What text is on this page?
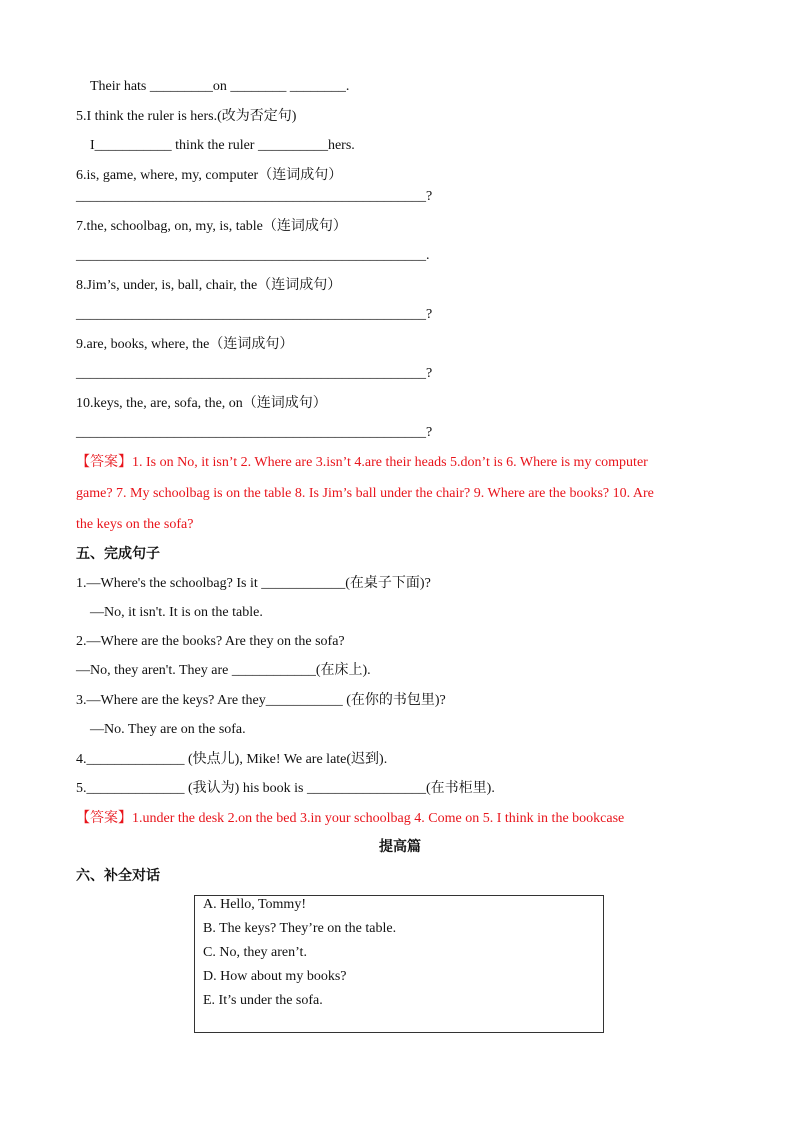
Their hats _________on ________ ________.
5.I think the ruler is hers.(改为否定句)
I___________ think the ruler __________hers.
6.is, game, where, my, computer（连词成句）
__________________________________________________?
7.the, schoolbag, on, my, is, table（连词成句）
__________________________________________________.
8.Jim’s, under, is, ball, chair, the（连词成句）
__________________________________________________?
9.are, books, where, the（连词成句）
__________________________________________________?
10.keys, the, are, sofa, the, on（连词成句）
__________________________________________________?
【答案】1. Is on No, it isn’t 2. Where are 3.isn’t 4.are their heads 5.don’t is 6. Where is my computer
game? 7. My schoolbag is on the table 8. Is Jim’s ball under the chair? 9. Where are the books? 10. Are
the keys on the sofa?
五、完成句子
1.—Where's the schoolbag? Is it ____________(在桌子下面)?
—No, it isn't. It is on the table.
2.—Where are the books? Are they on the sofa?
—No, they aren't. They are ____________(在床上).
3.—Where are the keys? Are they___________ (在你的书包里)?
—No. They are on the sofa.
4.______________ (快点儿), Mike! We are late(迟到).
5.______________ (我认为) his book is _________________(在书柜里).
【答案】1.under the desk 2.on the bed 3.in your schoolbag 4. Come on 5. I think in the bookcase
提高篇
六、补全对话
A. Hello, Tommy!
B. The keys? They’re on the table.
C. No, they aren’t.
D. How about my books?
E. It’s under the sofa.
